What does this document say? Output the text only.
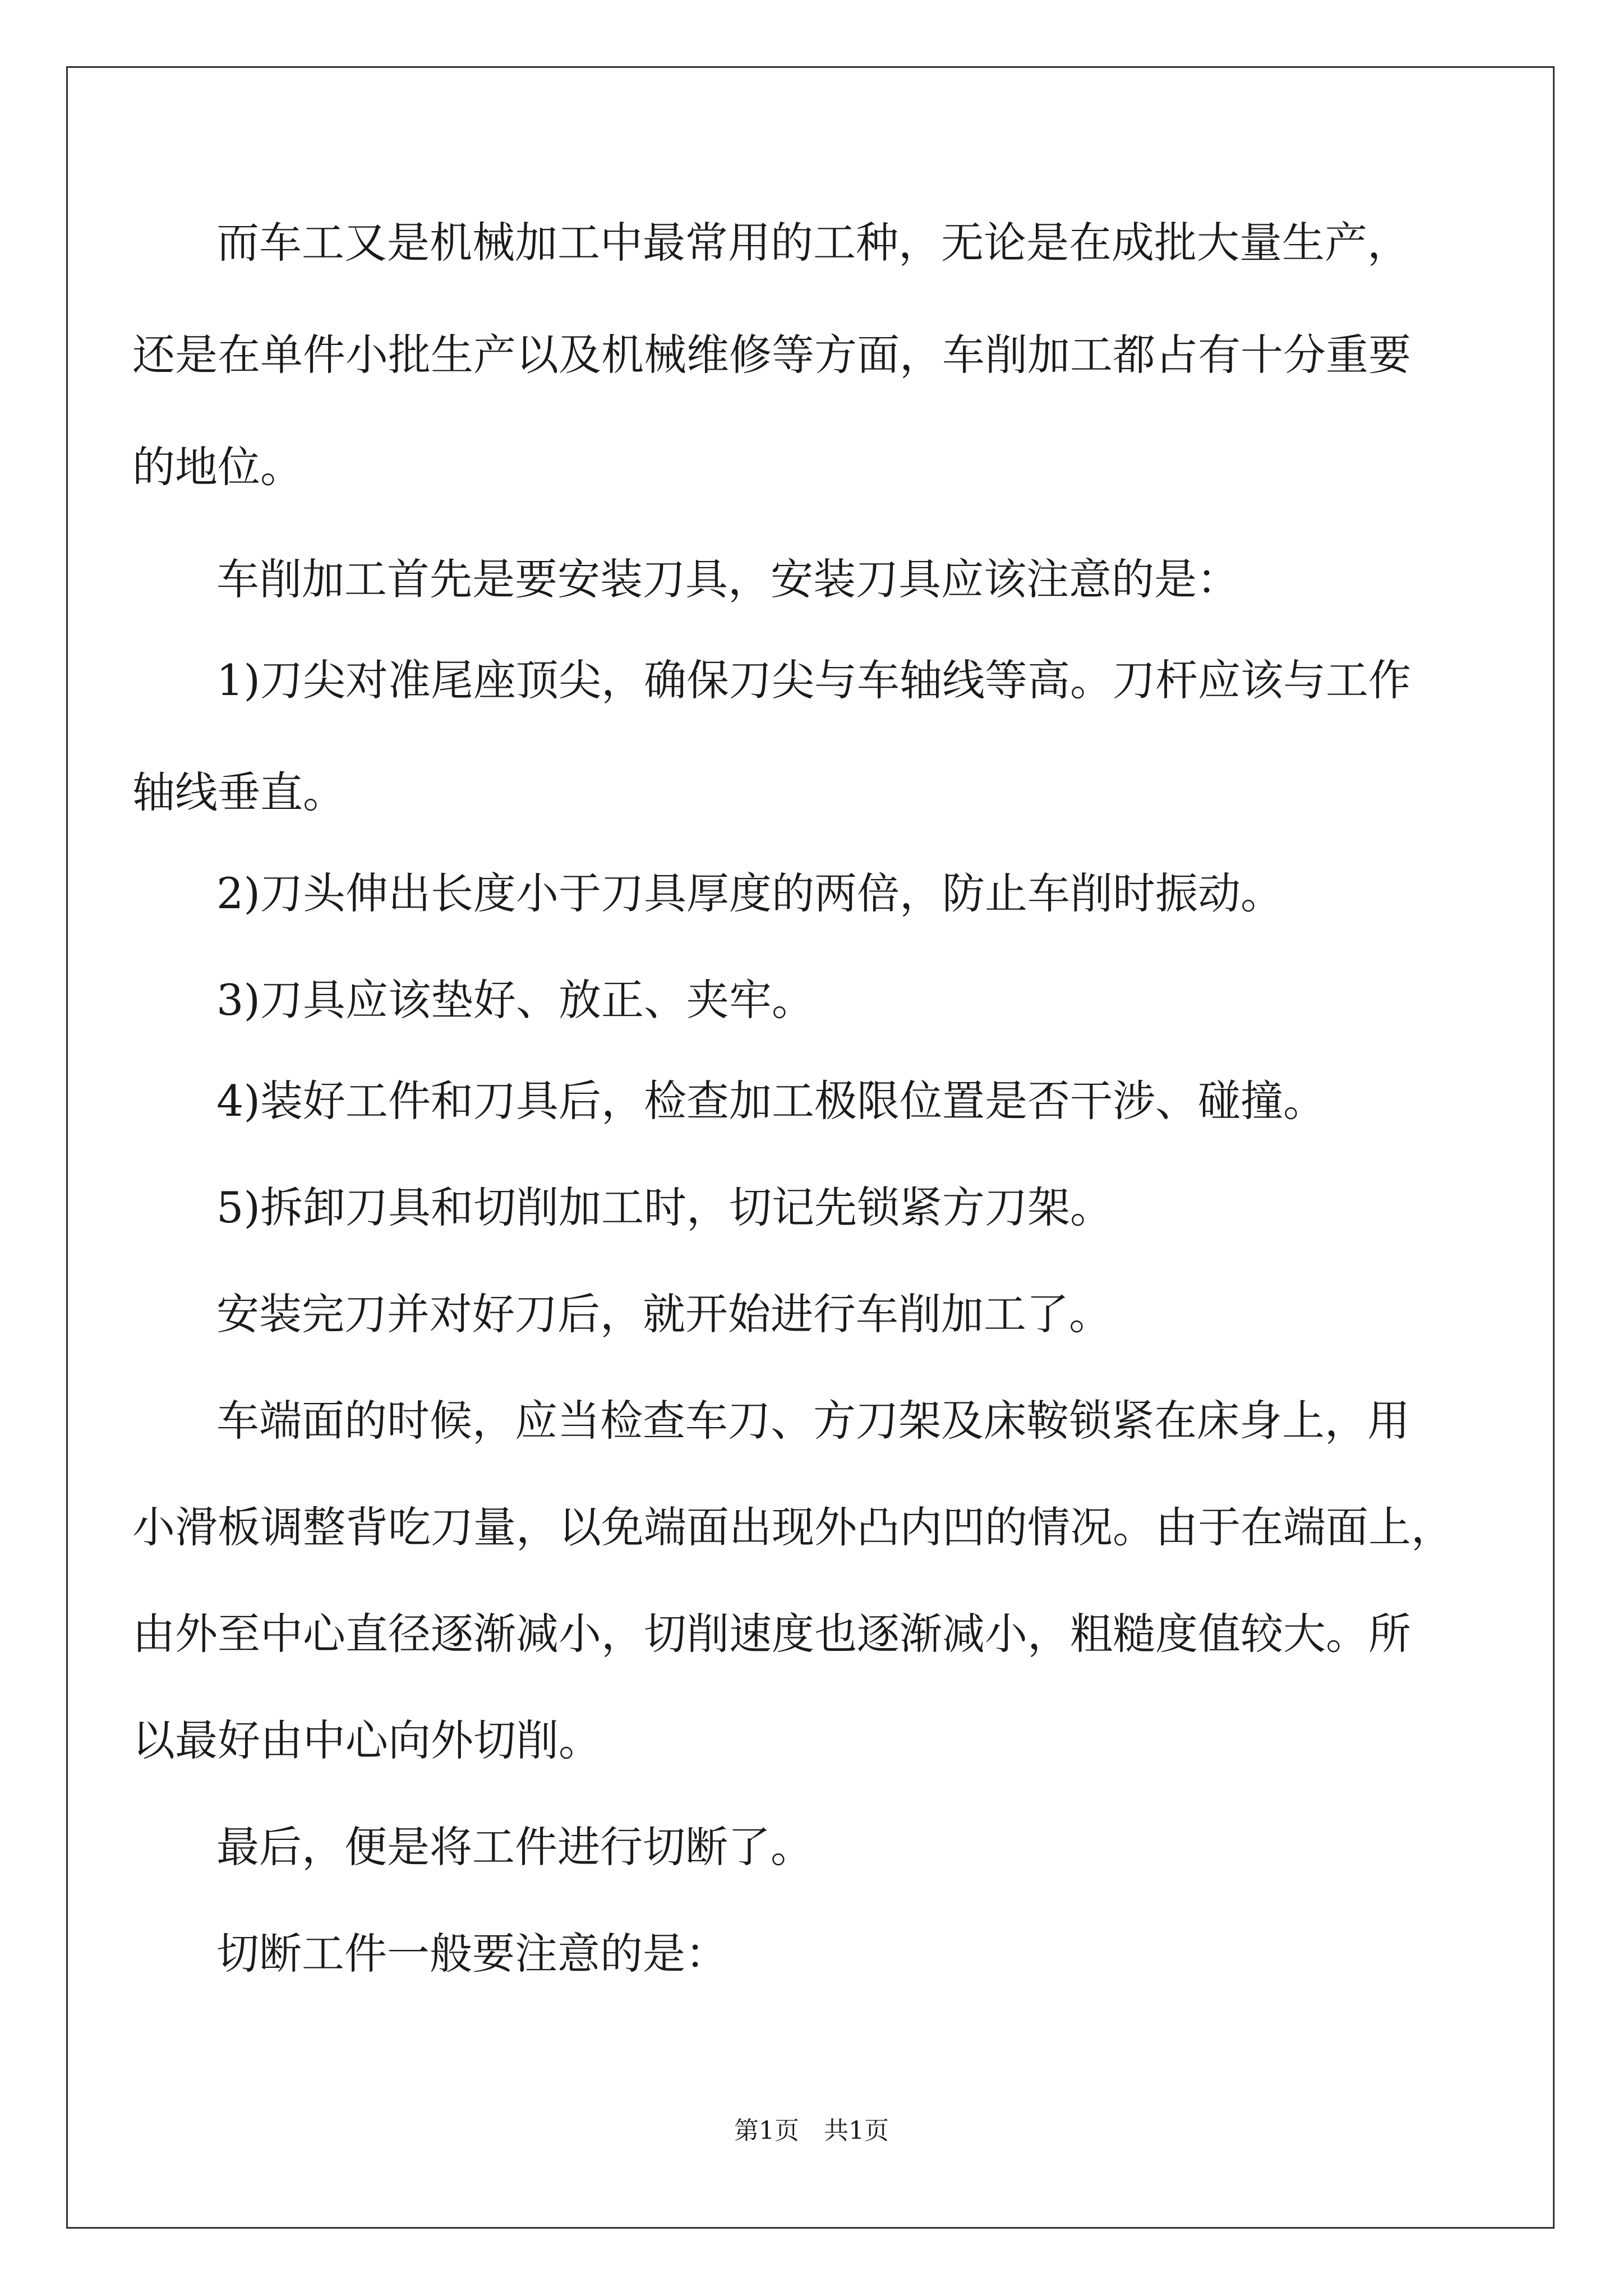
而车工又是机械加工中最常用的工种，无论是在成批大量生产，
还是在单件小批生产以及机械维修等方面，车削加工都占有十分重要
的地位。
车削加工首先是要安装刀具，安装刀具应该注意的是：
1)刀尖对准尾座顶尖，确保刀尖与车轴线等高。刀杆应该与工作
轴线垂直。
2)刀头伸出长度小于刀具厚度的两倍，防止车削时振动。
3)刀具应该垫好、放正、夹牢。
4)装好工件和刀具后，检查加工极限位置是否干涉、碰撞。
5)拆卸刀具和切削加工时，切记先锁紧方刀架。
安装完刀并对好刀后，就开始进行车削加工了。
车端面的时候，应当检查车刀、方刀架及床鞍锁紧在床身上，用
小滑板调整背吃刀量，以免端面出现外凸内凹的情况。由于在端面上，
由外至中心直径逐渐减小，切削速度也逐渐减小，粗糙度值较大。所
以最好由中心向外切削。
最后，便是将工件进行切断了。
切断工件一般要注意的是：
第1页 共1页
